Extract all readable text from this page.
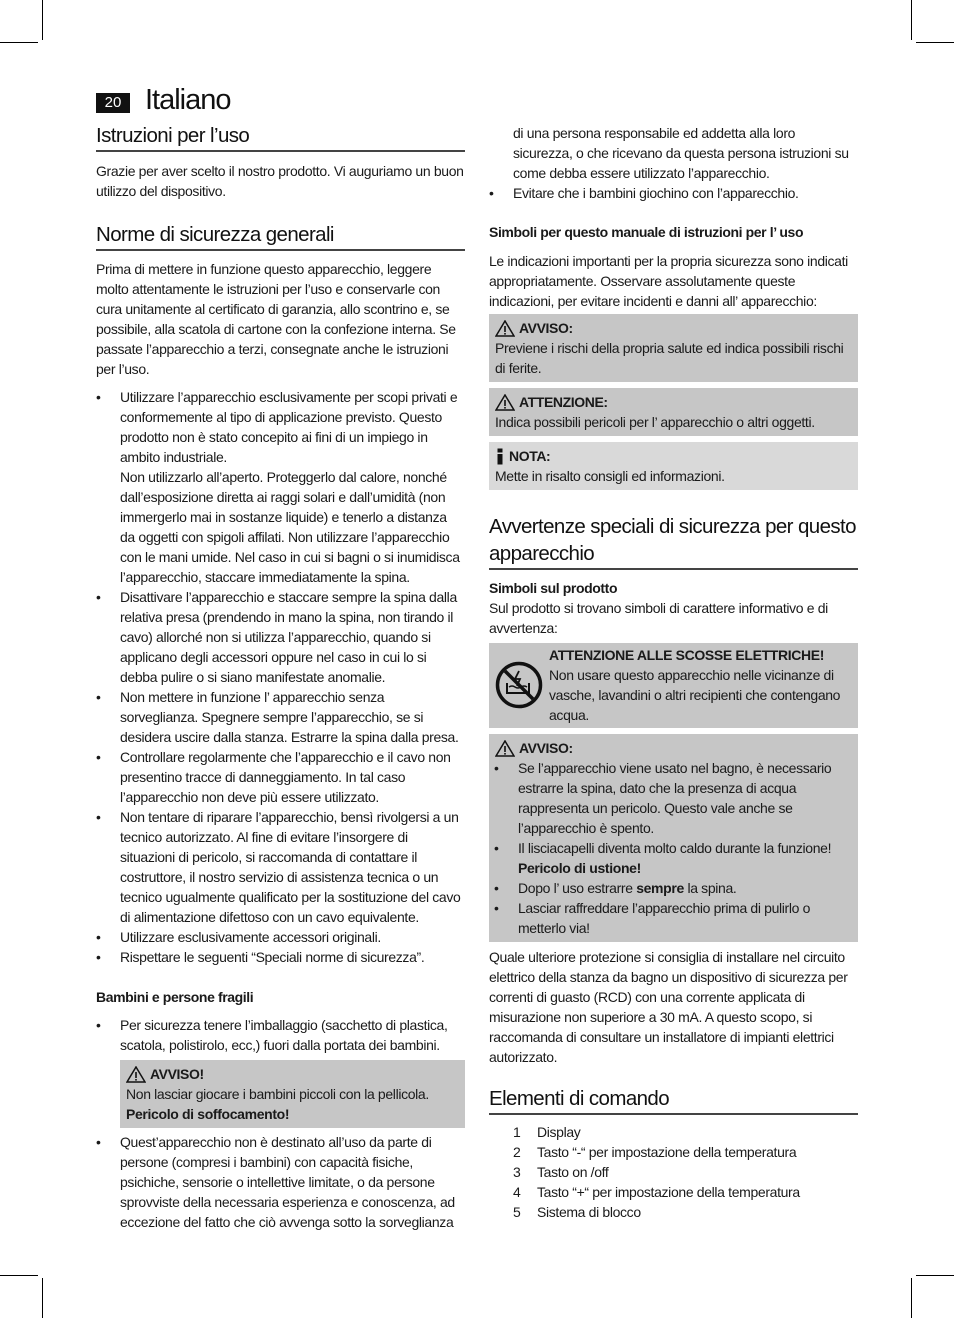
20 Italiano
Istruzioni per l’uso

Grazie per aver scelto il nostro prodotto. Vi auguriamo un buon utilizzo del dispositivo.

Norme di sicurezza generali

Prima di mettere in funzione questo apparecchio, leggere molto attentamente le istruzioni per l’uso e conservarle con cura unitamente al certificato di garanzia, allo scontrino e, se possibile, alla scatola di cartone con la confezione interna. Se passate l’apparecchio a terzi, consegnate anche le istruzioni per l’uso.

• Utilizzare l’apparecchio esclusivamente per scopi privati e conformemente al tipo di applicazione previsto. Questo prodotto non è stato concepito ai fini di un impiego in ambito industriale.
Non utilizzarlo all’aperto. Proteggerlo dal calore, nonché dall’esposizione diretta ai raggi solari e dall’umidità (non immergerlo mai in sostanze liquide) e tenerlo a distanza da oggetti con spigoli affilati. Non utilizzare l’apparecchio con le mani umide. Nel caso in cui si bagni o si inumidisca l’apparecchio, staccare immediatamente la spina.
• Disattivare l’apparecchio e staccare sempre la spina dalla relativa presa (prendendo in mano la spina, non tirando il cavo) allorché non si utilizza l’apparecchio, quando si applicano degli accessori oppure nel caso in cui lo si debba pulire o si siano manifestate anomalie.
• Non mettere in funzione l’ apparecchio senza sorveglianza. Spegnere sempre l’apparecchio, se si desidera uscire dalla stanza. Estrarre la spina dalla presa.
• Controllare regolarmente che l’apparecchio e il cavo non presentino tracce di danneggiamento. In tal caso l’apparecchio non deve più essere utilizzato.
• Non tentare di riparare l’apparecchio, bensì rivolgersi a un tecnico autorizzato. Al fine di evitare l’insorgere di situazioni di pericolo, si raccomanda di contattare il costruttore, il nostro servizio di assistenza tecnica o un tecnico ugualmente qualificato per la sostituzione del cavo di alimentazione difettoso con un cavo equivalente.
• Utilizzare esclusivamente accessori originali.
• Rispettare le seguenti “Speciali norme di sicurezza”.
Bambini e persone fragili
• Per sicurezza tenere l’imballaggio (sacchetto di plastica, scatola, polistirolo, ecc,) fuori dalla portata dei bambini.
AVVISO!
Non lasciar giocare i bambini piccoli con la pellicola.
Pericolo di soffocamento!
• Quest’apparecchio non è destinato all’uso da parte di persone (compresi i bambini) con capacità fisiche, psichiche, sensorie o intellettive limitate, o da persone sprovviste della necessaria esperienza e conoscenza, ad eccezione del fatto che ciò avvenga sotto la sorveglianza

di una persona responsabile ed addetta alla loro sicurezza, o che ricevano da questa persona istruzioni su come debba essere utilizzato l’apparecchio.

• Evitare che i bambini giochino con l’apparecchio.
Simboli per questo manuale di istruzioni per l’ uso

Le indicazioni importanti per la propria sicurezza sono indicati appropriatamente. Osservare assolutamente queste indicazioni, per evitare incidenti e danni all’ apparecchio:

AVVISO:
Previene i rischi della propria salute ed indica possibili rischi di ferite.
ATTENZIONE:
Indica possibili pericoli per l’ apparecchio o altri oggetti.
NOTA:
Mette in risalto consigli ed informazioni.
Avvertenze speciali di sicurezza per questo apparecchio
Simboli sul prodotto

Sul prodotto si trovano simboli di carattere informativo e di avvertenza:

ATTENZIONE ALLE SCOSSE ELETTRICHE!
Non usare questo apparecchio nelle vicinanze di vasche, lavandini o altri recipienti che contengano acqua.
AVVISO:
• Se l’apparecchio viene usato nel bagno, è necessario estrarre la spina, dato che la presenza di acqua rappresenta un pericolo. Questo vale anche se l’apparecchio è spento.
• Il lisciacapelli diventa molto caldo durante la funzione!
Pericolo di ustione!
• Dopo l’ uso estrarre sempre la spina.
• Lasciar raffreddare l’apparecchio prima di pulirlo o metterlo via!

Quale ulteriore protezione si consiglia di installare nel circuito elettrico della stanza da bagno un dispositivo di sicurezza per correnti di guasto (RCD) con una corrente applicata di misurazione non superiore a 30 mA. A questo scopo, si raccomanda di consultare un installatore di impianti elettrici autorizzato.

Elementi di comando
1	Display
2	Tasto “-“ per impostazione della temperatura
3	Tasto on /off
4	Tasto “+“ per impostazione della temperatura
5	Sistema di blocco
